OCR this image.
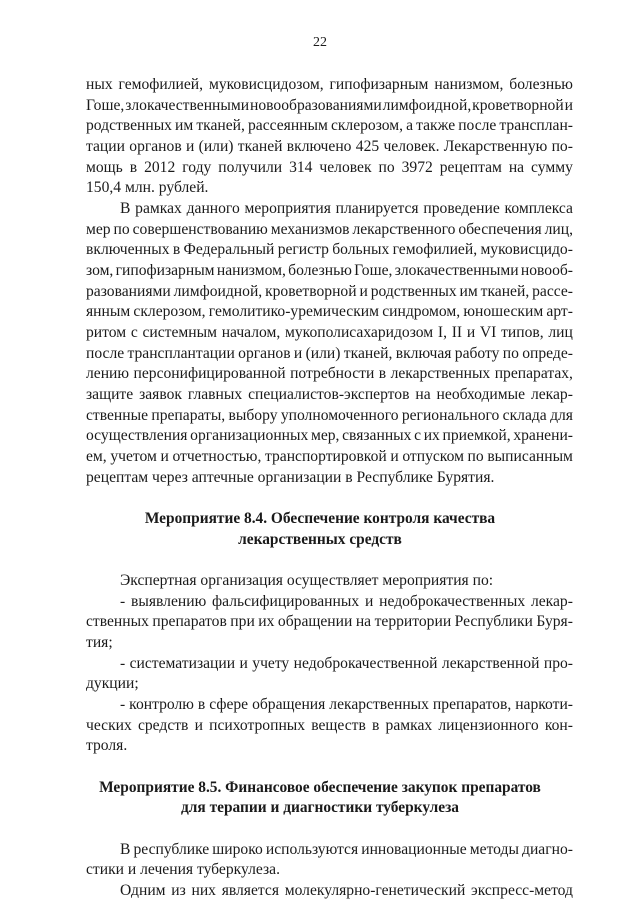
22
ных гемофилией, муковисцидозом, гипофизарным нанизмом, болезнью
Гоше, злокачественными новообразованиями лимфоидной, кроветворной и
родственных им тканей, рассеянным склерозом, а также после трансплан-
тации органов и (или) тканей включено 425 человек. Лекарственную по-
мощь в 2012 году получили 314 человек по 3972 рецептам на сумму
150,4 млн. рублей.
В рамках данного мероприятия планируется проведение комплекса
мер по совершенствованию механизмов лекарственного обеспечения лиц,
включенных в Федеральный регистр больных гемофилией, муковисцидо-
зом, гипофизарным нанизмом, болезнью Гоше, злокачественными новооб-
разованиями лимфоидной, кроветворной и родственных им тканей, рассе-
янным склерозом, гемолитико-уремическим синдромом, юношеским арт-
ритом с системным началом, мукополисахаридозом I, II и VI типов, лиц
после трансплантации органов и (или) тканей, включая работу по опреде-
лению персонифицированной потребности в лекарственных препаратах,
защите заявок главных специалистов-экспертов на необходимые лекар-
ственные препараты, выбору уполномоченного регионального склада для
осуществления организационных мер, связанных с их приемкой, хранени-
ем, учетом и отчетностью, транспортировкой и отпуском по выписанным
рецептам через аптечные организации в Республике Бурятия.
Мероприятие 8.4. Обеспечение контроля качества
лекарственных средств
Экспертная организация осуществляет мероприятия по:
- выявлению фальсифицированных и недоброкачественных лекар-
ственных препаратов при их обращении на территории Республики Буря-
тия;
- систематизации и учету недоброкачественной лекарственной про-
дукции;
- контролю в сфере обращения лекарственных препаратов, наркоти-
ческих средств и психотропных веществ в рамках лицензионного кон-
троля.
Мероприятие 8.5. Финансовое обеспечение закупок препаратов
для терапии и диагностики туберкулеза
В республике широко используются инновационные методы диагно-
стики и лечения туберкулеза.
Одним из них является молекулярно-генетический экспресс-метод
